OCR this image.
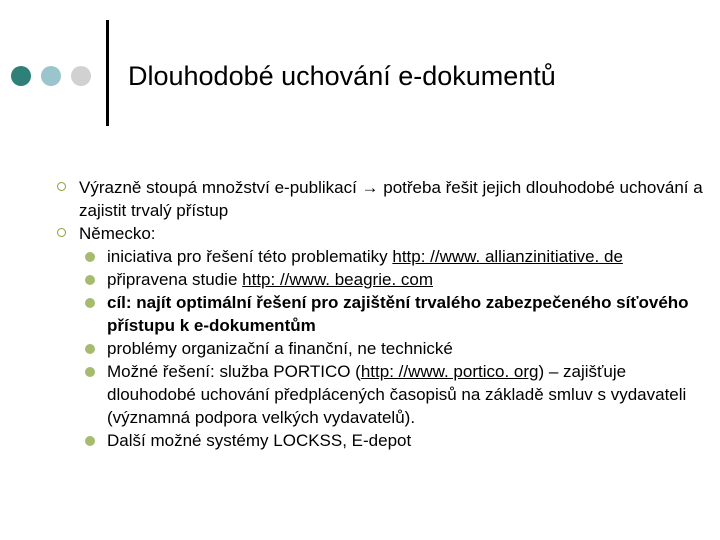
Dlouhodobé uchování e-dokumentů
Výrazně stoupá množství e-publikací → potřeba řešit jejich dlouhodobé uchování a zajistit trvalý přístup
Německo:
iniciativa pro řešení této problematiky http: //www. allianzinitiative. de
připravena studie http: //www. beagrie. com
cíl: najít optimální řešení pro zajištění trvalého zabezpečeného síťového přístupu k e-dokumentům
problémy organizační a finanční, ne technické
Možné řešení: služba PORTICO (http: //www. portico. org) – zajišťuje dlouhodobé uchování předplácených časopisů na základě smluv s vydavateli (významná podpora velkých vydavatelů).
Další možné systémy LOCKSS, E-depot
